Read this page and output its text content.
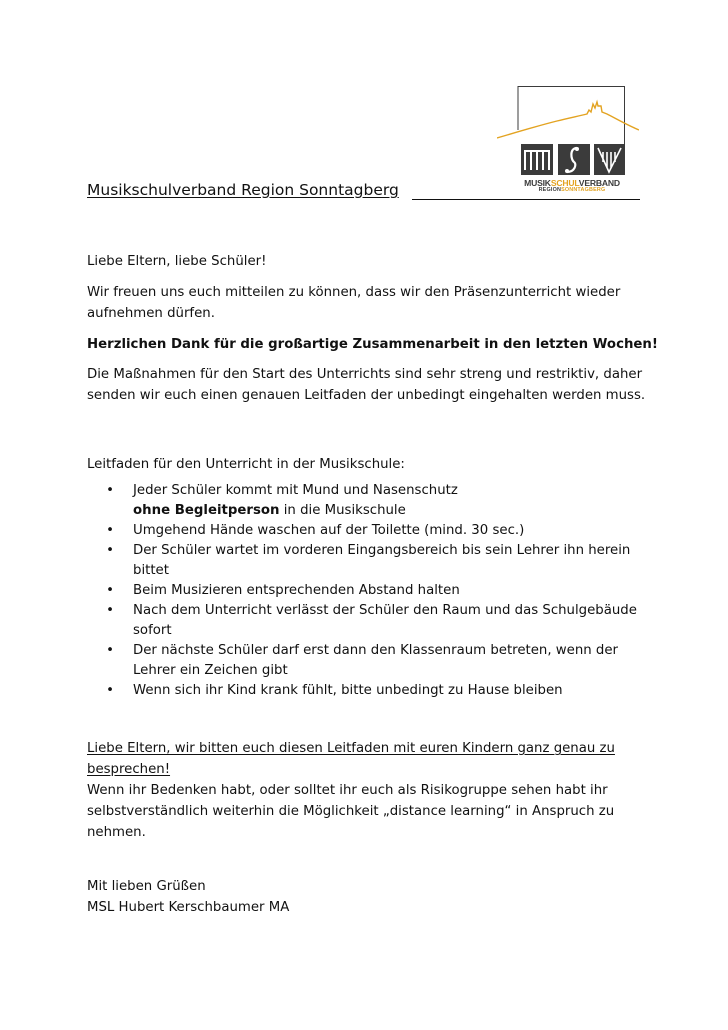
MUSIKSCHULVERBAND
REGIONSONNTAGBERG
Musikschulverband Region Sonntagberg
Liebe Eltern, liebe Schüler!
Wir freuen uns euch mitteilen zu können, dass wir den Präsenzunterricht wieder
aufnehmen dürfen.
Herzlichen Dank für die großartige Zusammenarbeit in den letzten Wochen!
Die Maßnahmen für den Start des Unterrichts sind sehr streng und restriktiv, daher
senden wir euch einen genauen Leitfaden der unbedingt eingehalten werden muss.
Leitfaden für den Unterricht in der Musikschule:
• Jeder Schüler kommt mit Mund und Nasenschutz
ohne Begleitperson in die Musikschule
• Umgehend Hände waschen auf der Toilette (mind. 30 sec.)
• Der Schüler wartet im vorderen Eingangsbereich bis sein Lehrer ihn herein
bittet
• Beim Musizieren entsprechenden Abstand halten
• Nach dem Unterricht verlässt der Schüler den Raum und das Schulgebäude
sofort
• Der nächste Schüler darf erst dann den Klassenraum betreten, wenn der
Lehrer ein Zeichen gibt
• Wenn sich ihr Kind krank fühlt, bitte unbedingt zu Hause bleiben
Liebe Eltern, wir bitten euch diesen Leitfaden mit euren Kindern ganz genau zu
besprechen!
Wenn ihr Bedenken habt, oder solltet ihr euch als Risikogruppe sehen habt ihr
selbstverständlich weiterhin die Möglichkeit „distance learning“ in Anspruch zu
nehmen.
Mit lieben Grüßen
MSL Hubert Kerschbaumer MA
